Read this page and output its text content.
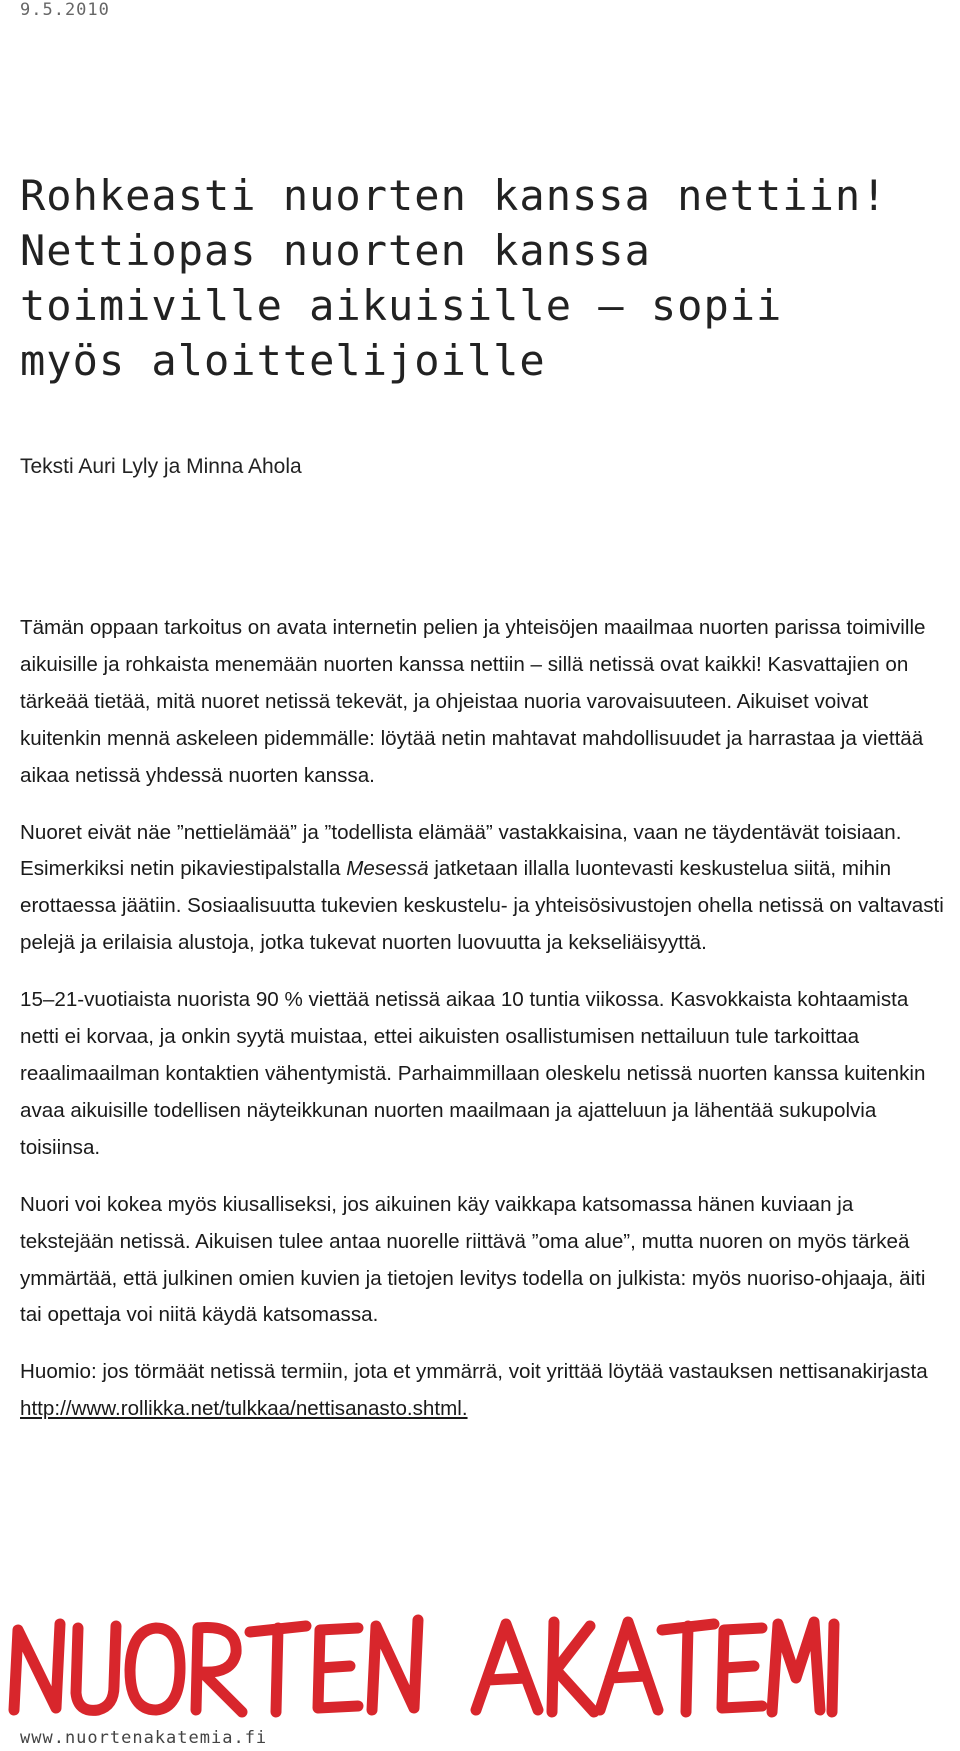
9.5.2010
Rohkeasti nuorten kanssa nettiin!
Nettiopas nuorten kanssa
toimiville aikuisille – sopii
myös aloittelijoille
Teksti Auri Lyly ja Minna Ahola

Tämän oppaan tarkoitus on avata internetin pelien ja yhteisöjen maailmaa nuorten parissa toimiville aikuisille ja rohkaista menemään nuorten kanssa nettiin – sillä netissä ovat kaikki! Kasvattajien on tärkeää tietää, mitä nuoret netissä tekevät, ja ohjeistaa nuoria varovaisuuteen. Aikuiset voivat kuitenkin mennä askeleen pidemmälle: löytää netin mahtavat mahdollisuudet ja harrastaa ja viettää aikaa netissä yhdessä nuorten kanssa.

Nuoret eivät näe ”nettielämää” ja ”todellista elämää” vastakkaisina, vaan ne täydentävät toisiaan. Esimerkiksi netin pikaviestipalstalla Mesessä jatketaan illalla luontevasti keskustelua siitä, mihin erottaessa jäätiin. Sosiaalisuutta tukevien keskustelu- ja yhteisösivustojen ohella netissä on valtavasti pelejä ja erilaisia alustoja, jotka tukevat nuorten luovuutta ja kekseliäisyyttä.

15–21-vuotiaista nuorista 90 % viettää netissä aikaa 10 tuntia viikossa. Kasvokkaista kohtaamista netti ei korvaa, ja onkin syytä muistaa, ettei aikuisten osallistumisen nettailuun tule tarkoittaa reaalimaailman kontaktien vähentymistä. Parhaimmillaan oleskelu netissä nuorten kanssa kuitenkin avaa aikuisille todellisen näyteikkunan nuorten maailmaan ja ajatteluun ja lähentää sukupolvia toisiinsa.

Nuori voi kokea myös kiusalliseksi, jos aikuinen käy vaikkapa katsomassa hänen kuviaan ja tekstejään netissä. Aikuisen tulee antaa nuorelle riittävä ”oma alue”, mutta nuoren on myös tärkeä ymmärtää, että julkinen omien kuvien ja tietojen levitys todella on julkista: myös nuoriso-ohjaaja, äiti tai opettaja voi niitä käydä katsomassa.

Huomio: jos törmäät netissä termiin, jota et ymmärrä, voit yrittää löytää vastauksen nettisanakirjasta http://www.rollikka.net/tulkkaa/nettisanasto.shtml.

www.nuortenakatemia.fi
